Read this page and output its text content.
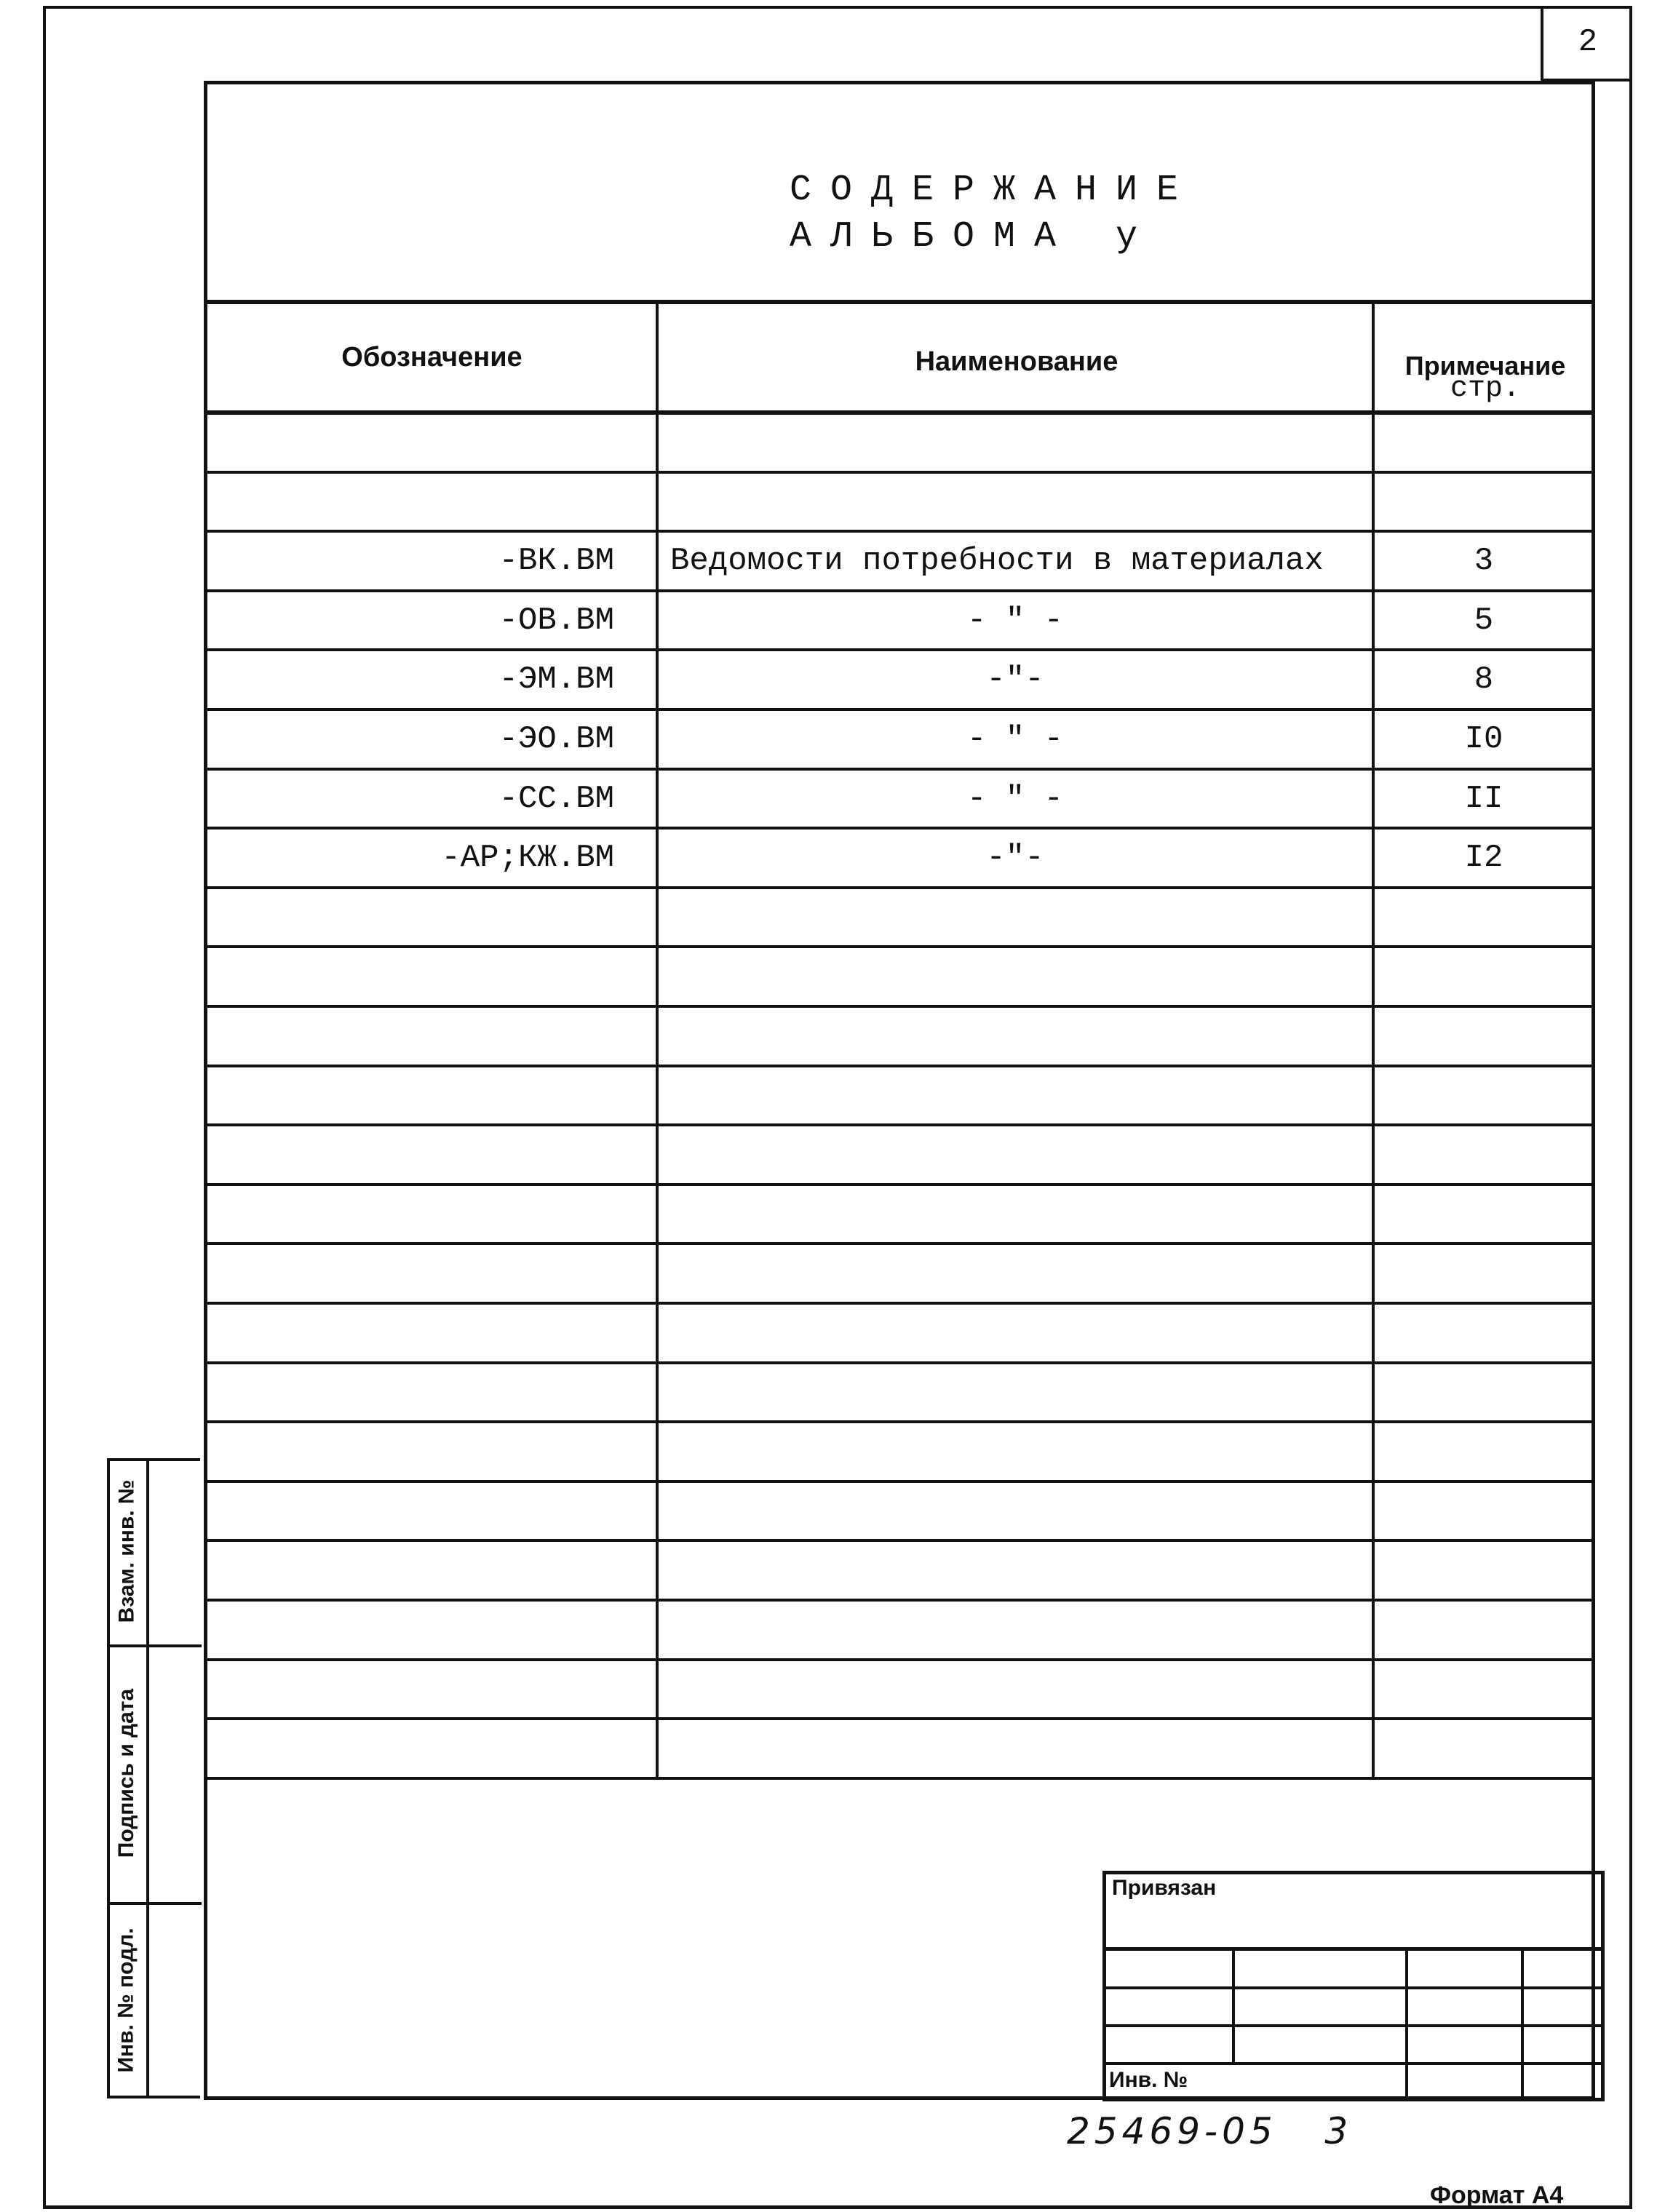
2
СОДЕРЖАНИЕ
АЛЬБОМА у
Обозначение	Наименование	Примечание
стр.
-ВК.ВМ	Ведомости потребности в материалах	3
-ОВ.ВМ	- " -	5
-ЭМ.ВМ	-"-	8
-ЭО.ВМ	- " -	I0
-СС.ВМ	- " -	II
-АР;КЖ.ВМ	-"-	I2
Взам. инв. №
Подпись и дата
Инв. № подл.
Привязан
Инв. №
25469-05   3
Формат А4
